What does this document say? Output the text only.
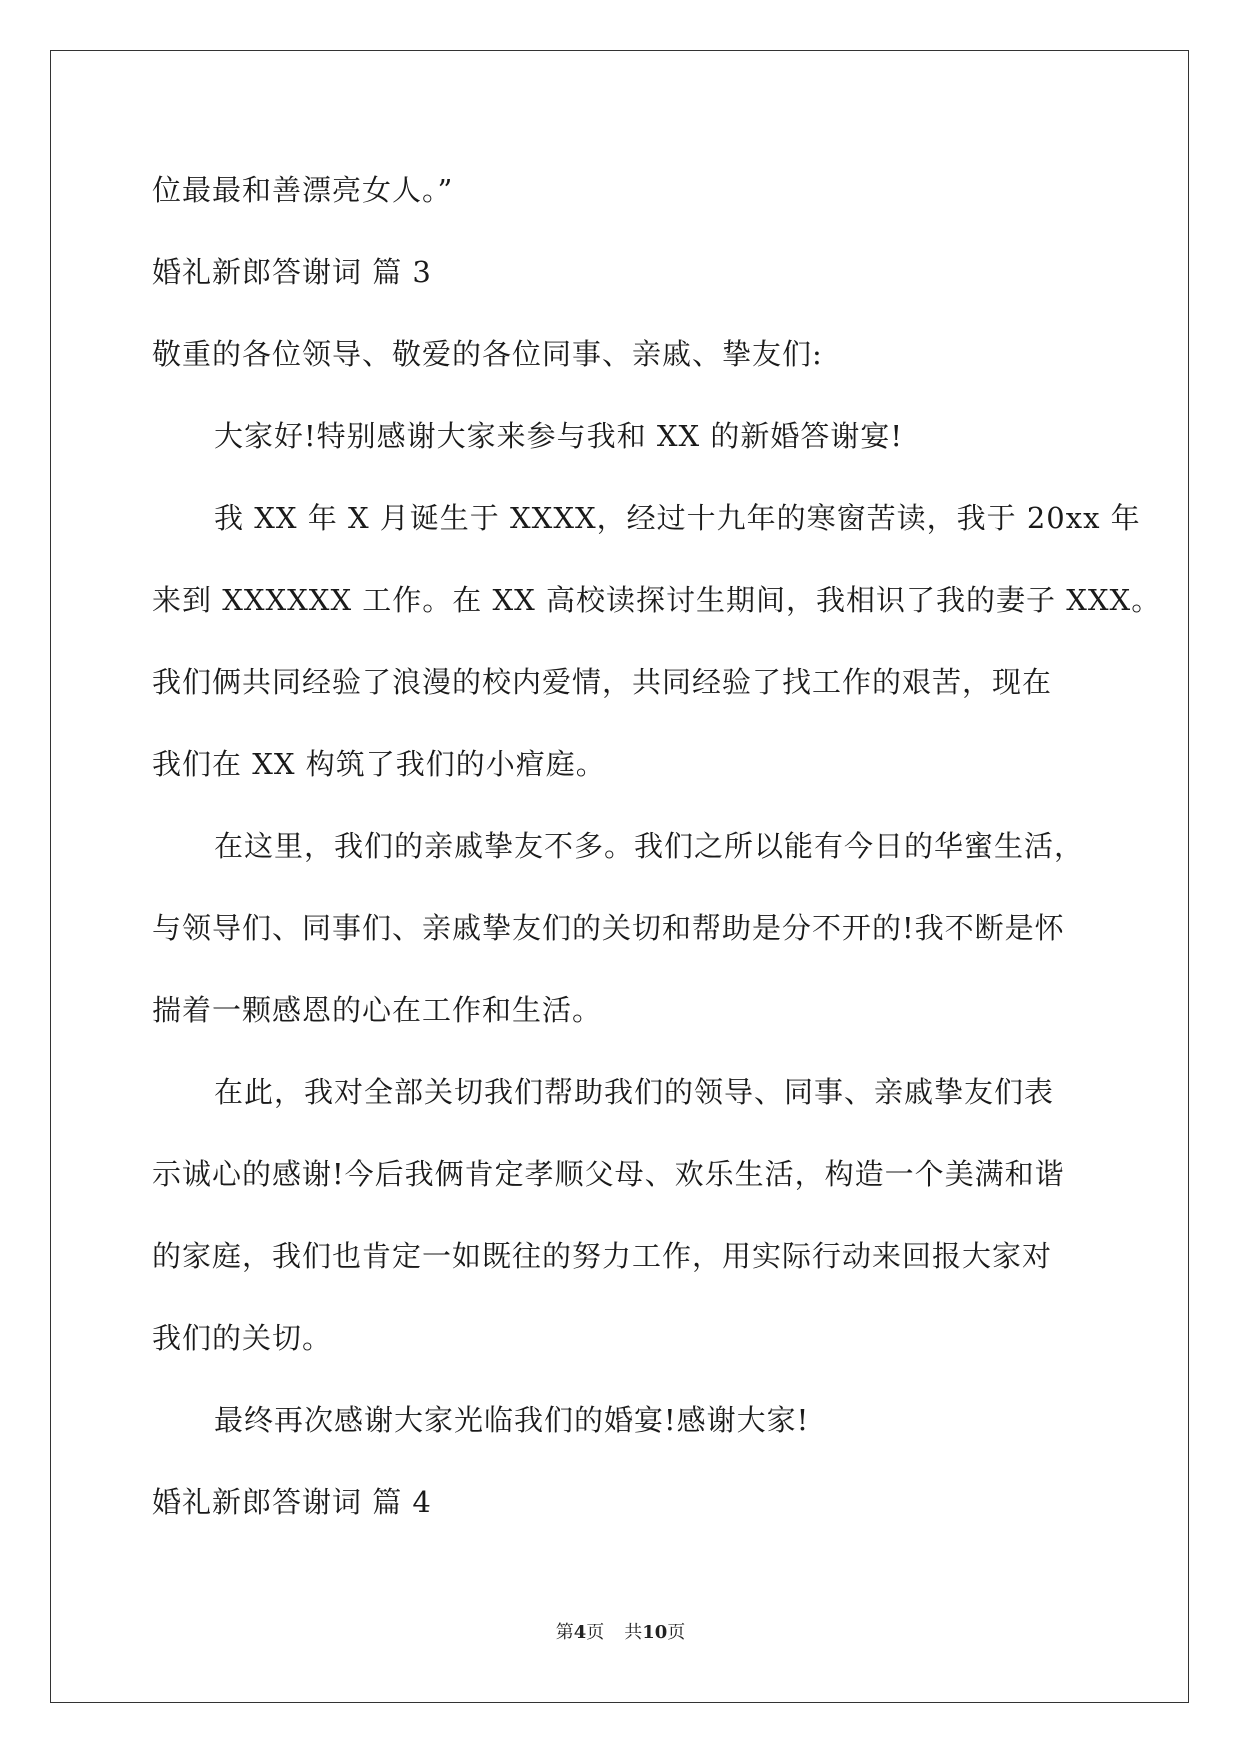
位最最和善漂亮女人。”
婚礼新郎答谢词 篇 3
敬重的各位领导、敬爱的各位同事、亲戚、挚友们:
大家好!特别感谢大家来参与我和 XX 的新婚答谢宴!
我 XX 年 X 月诞生于 XXXX，经过十九年的寒窗苦读，我于 20xx 年
来到 XXXXXX 工作。在 XX 高校读探讨生期间，我相识了我的妻子 XXX。
我们俩共同经验了浪漫的校内爱情，共同经验了找工作的艰苦，现在
我们在 XX 构筑了我们的小痯庭。
在这里，我们的亲戚挚友不多。我们之所以能有今日的华蜜生活，
与领导们、同事们、亲戚挚友们的关切和帮助是分不开的!我不断是怀
揣着一颗感恩的心在工作和生活。
在此，我对全部关切我们帮助我们的领导、同事、亲戚挚友们表
示诚心的感谢!今后我俩肯定孝顺父母、欢乐生活，构造一个美满和谐
的家庭，我们也肯定一如既往的努力工作，用实际行动来回报大家对
我们的关切。
最终再次感谢大家光临我们的婚宴!感谢大家!
婚礼新郎答谢词 篇 4
第4页 共10页
